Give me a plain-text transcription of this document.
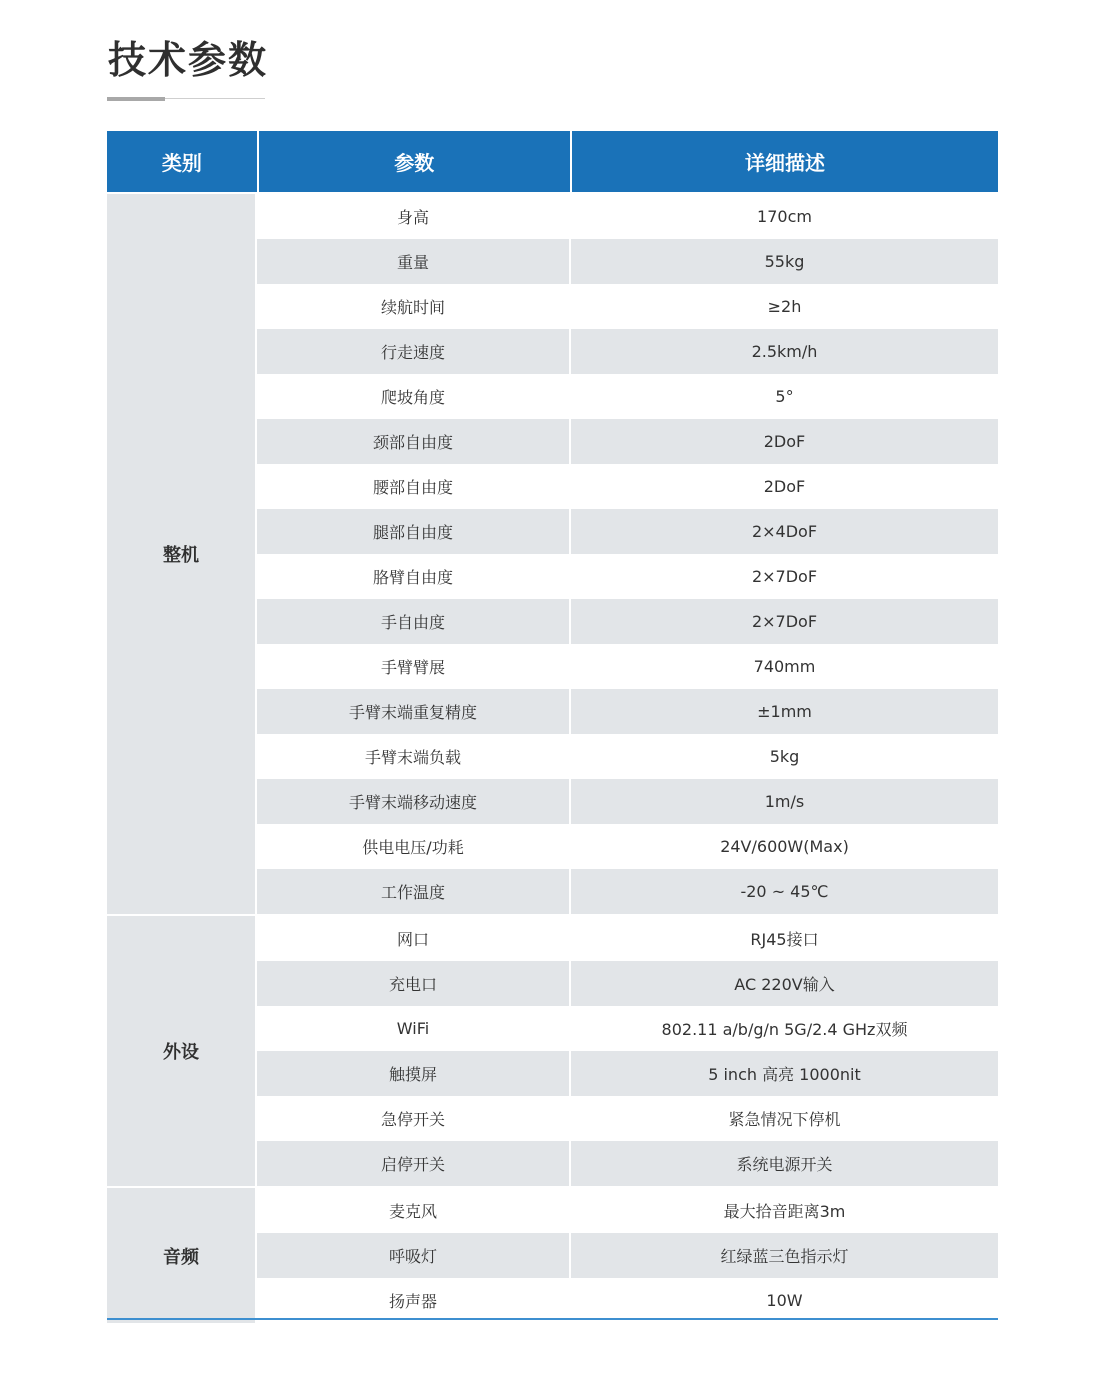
技术参数
类别	参数	详细描述
整机
身高	170cm
重量	55kg
续航时间	≥2h
行走速度	2.5km/h
爬坡角度	5°
颈部自由度	2DoF
腰部自由度	2DoF
腿部自由度	2×4DoF
胳臂自由度	2×7DoF
手自由度	2×7DoF
手臂臂展	740mm
手臂末端重复精度	±1mm
手臂末端负载	5kg
手臂末端移动速度	1m/s
供电电压/功耗	24V/600W(Max)
工作温度	-20 ~ 45℃
外设
网口	RJ45接口
充电口	AC 220V输入
WiFi	802.11 a/b/g/n 5G/2.4 GHz双频
触摸屏	5 inch 高亮 1000nit
急停开关	紧急情况下停机
启停开关	系统电源开关
音频
麦克风	最大拾音距离3m
呼吸灯	红绿蓝三色指示灯
扬声器	10W
